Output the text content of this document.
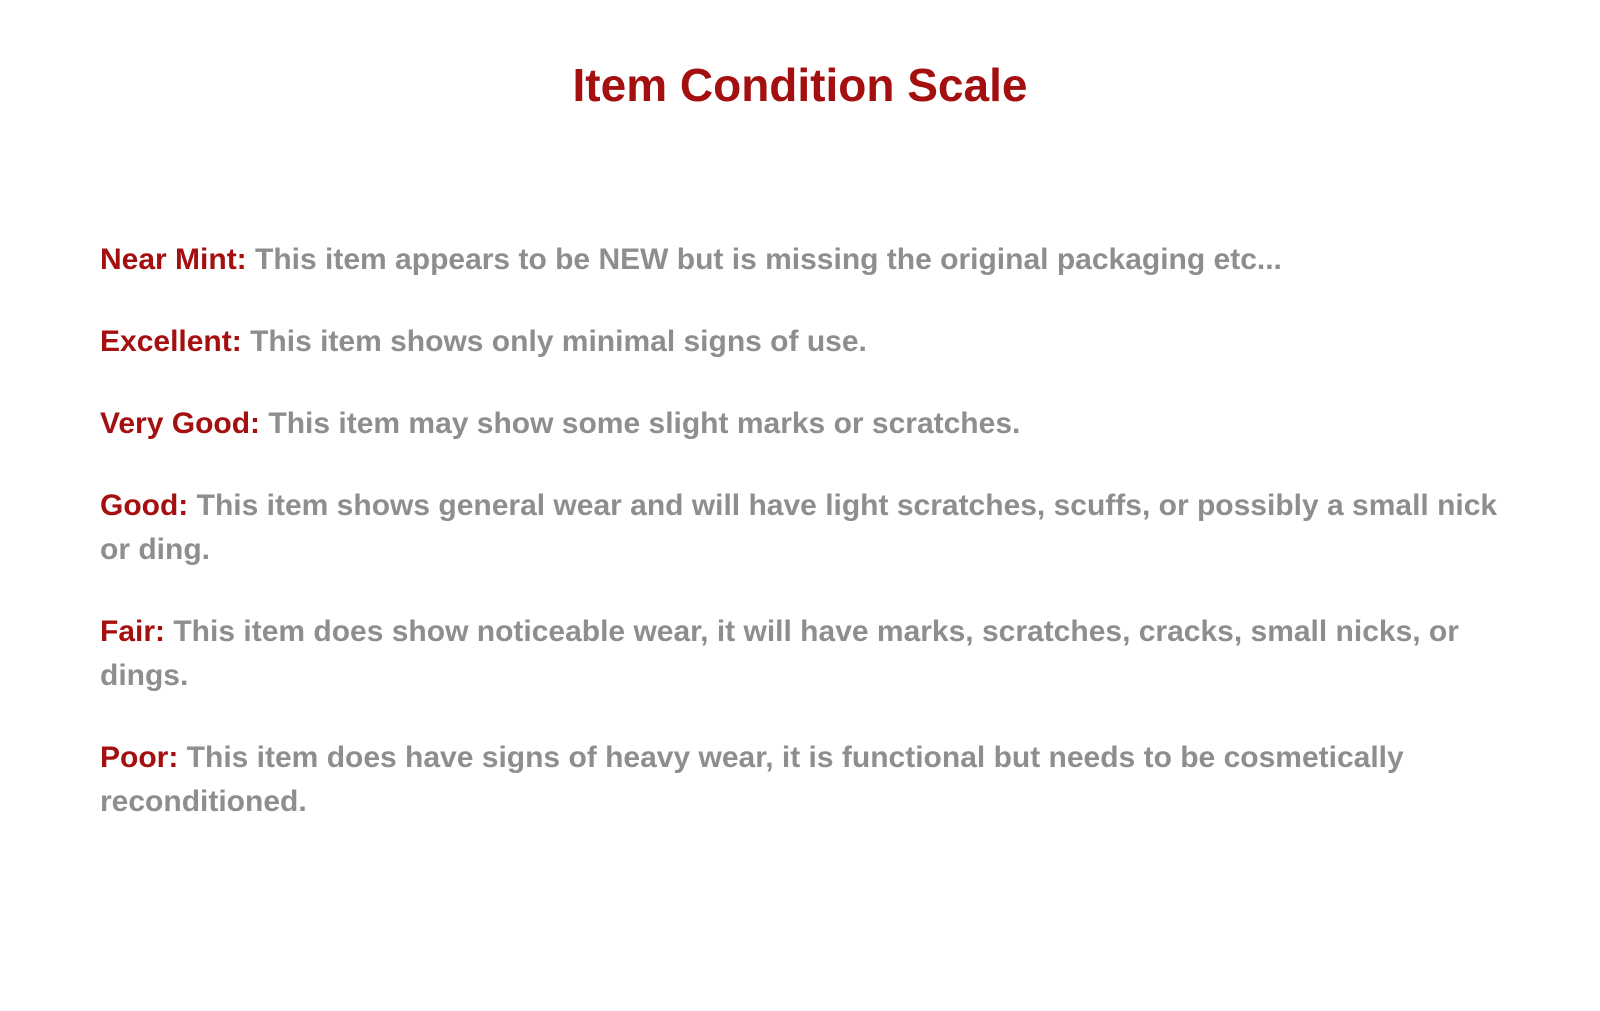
Item Condition Scale

Near Mint: This item appears to be NEW but is missing the original packaging etc...

Excellent: This item shows only minimal signs of use.

Very Good: This item may show some slight marks or scratches.

Good: This item shows general wear and will have light scratches, scuffs, or possibly a small nick or ding.

Fair: This item does show noticeable wear, it will have marks, scratches, cracks, small nicks, or dings.

Poor: This item does have signs of heavy wear, it is functional but needs to be cosmetically reconditioned.
